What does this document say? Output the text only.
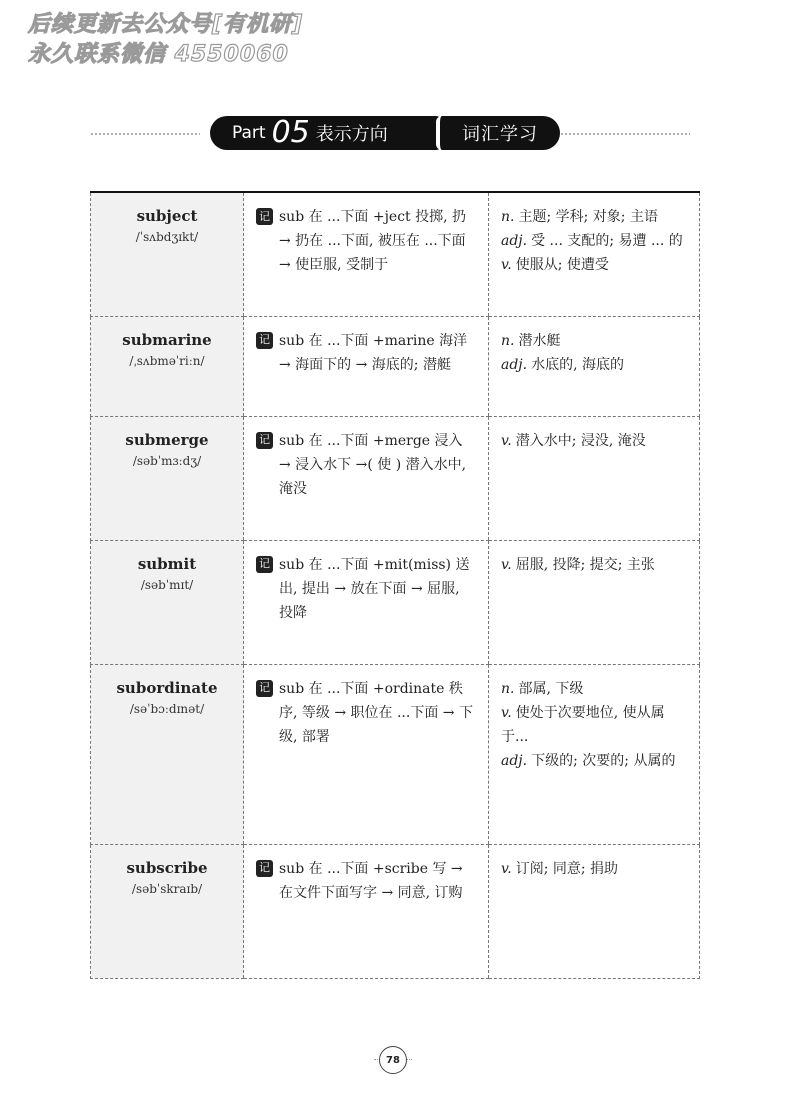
后续更新去公众号[有机研]
永久联系微信 4550060
Part 05 表示方向	词汇学习
subject
/ˈsʌbdʒɪkt/	记 sub 在 ...下面 +ject 投掷, 扔 → 扔在 ...下面, 被压在 ...下面 → 使臣服, 受制于	n. 主题; 学科; 对象; 主语
adj. 受 ... 支配的; 易遭 ... 的
v. 使服从; 使遭受

submarine
/ˌsʌbməˈriːn/	记 sub 在 ...下面 +marine 海洋 → 海面下的 → 海底的; 潜艇	n. 潜水艇
adj. 水底的, 海底的

submerge
/səbˈmɜːdʒ/	记 sub 在 ...下面 +merge 浸入 → 浸入水下 →( 使 ) 潜入水中, 淹没	v. 潜入水中; 浸没, 淹没

submit
/səbˈmɪt/	记 sub 在 ...下面 +mit(miss) 送出, 提出 → 放在下面 → 屈服, 投降	v. 屈服, 投降; 提交; 主张

subordinate
/səˈbɔːdɪnət/	记 sub 在 ...下面 +ordinate 秩序, 等级 → 职位在 ...下面 → 下级, 部署	n. 部属, 下级
v. 使处于次要地位, 使从属于...
adj. 下级的; 次要的; 从属的

subscribe
/səbˈskraɪb/	记 sub 在 ...下面 +scribe 写 → 在文件下面写字 → 同意, 订购	v. 订阅; 同意; 捐助
78
